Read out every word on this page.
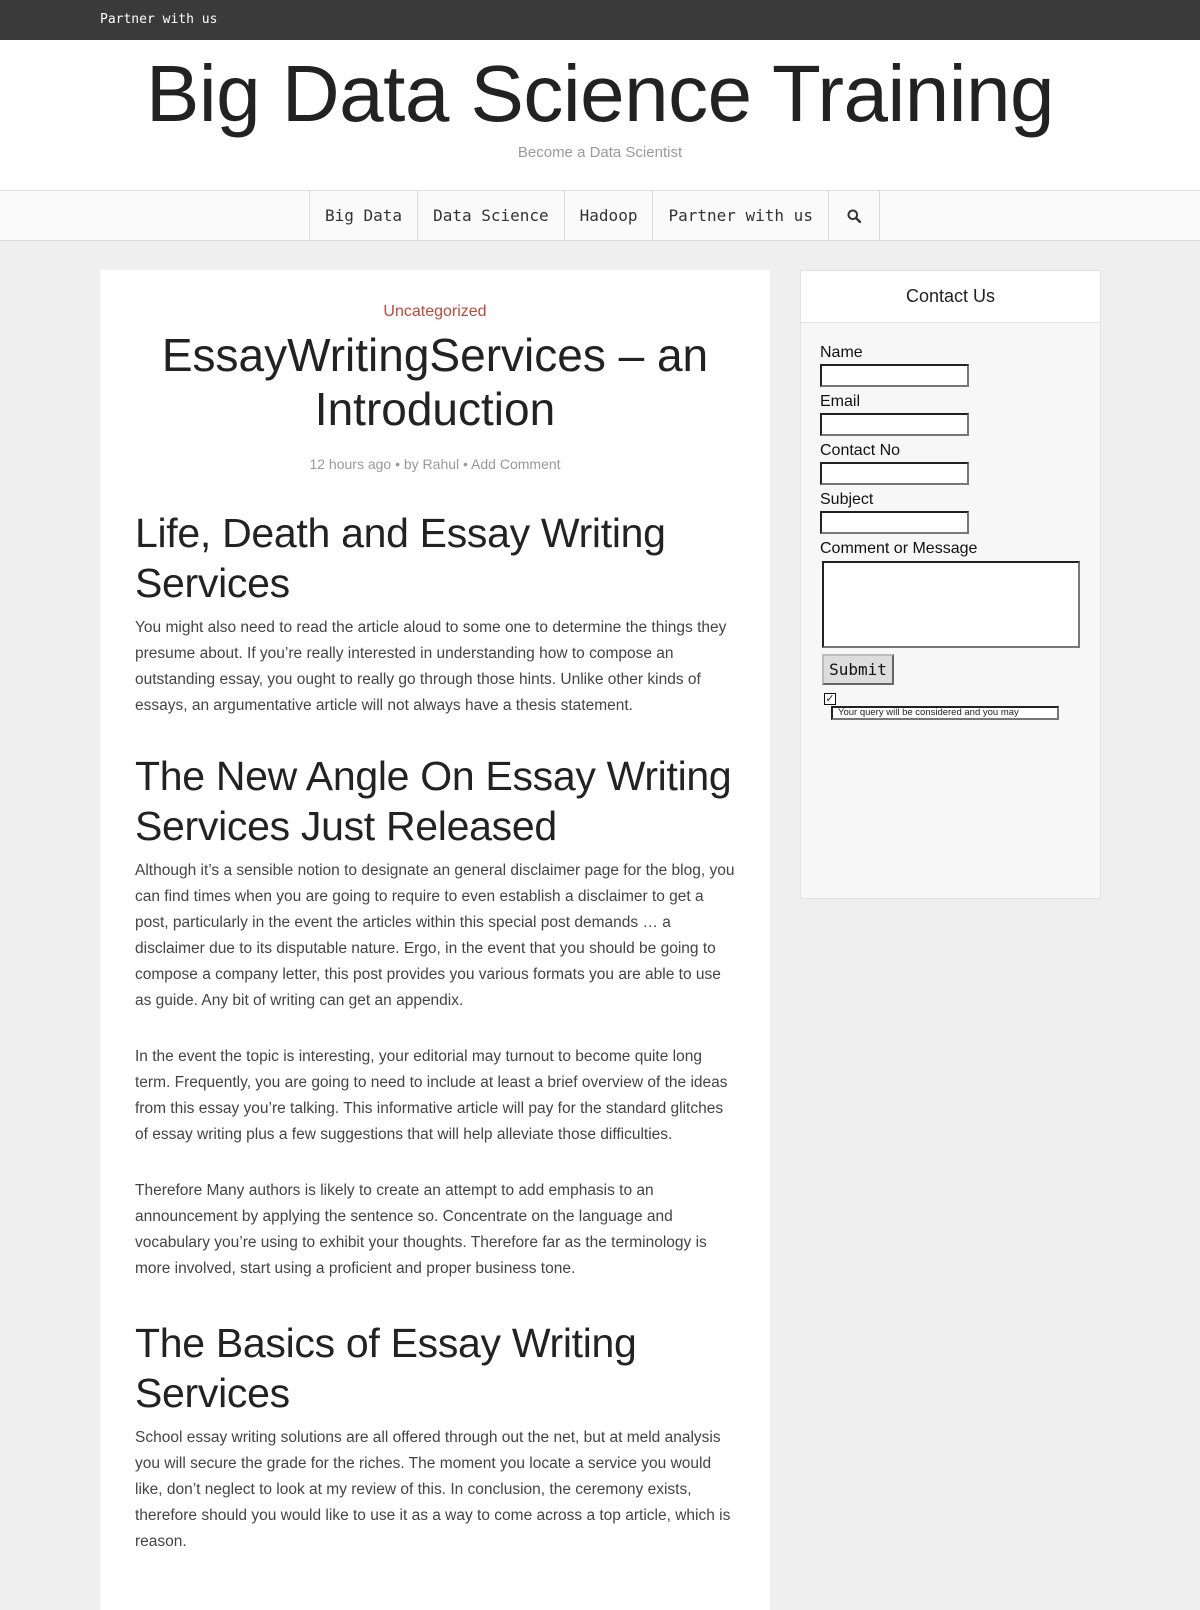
Partner with us
Big Data Science Training
Become a Data Scientist
Big Data	Data Science	Hadoop	Partner with us
Uncategorized
EssayWritingServices – an Introduction
12 hours ago • by Rahul • Add Comment
Life, Death and Essay Writing Services

You might also need to read the article aloud to some one to determine the things they presume about. If you’re really interested in understanding how to compose an outstanding essay, you ought to really go through those hints. Unlike other kinds of essays, an argumentative article will not always have a thesis statement.

The New Angle On Essay Writing Services Just Released

Although it’s a sensible notion to designate an general disclaimer page for the blog, you can find times when you are going to require to even establish a disclaimer to get a post, particularly in the event the articles within this special post demands … a disclaimer due to its disputable nature. Ergo, in the event that you should be going to compose a company letter, this post provides you various formats you are able to use as guide. Any bit of writing can get an appendix.

In the event the topic is interesting, your editorial may turnout to become quite long term. Frequently, you are going to need to include at least a brief overview of the ideas from this essay you’re talking. This informative article will pay for the standard glitches of essay writing plus a few suggestions that will help alleviate those difficulties.

Therefore Many authors is likely to create an attempt to add emphasis to an announcement by applying the sentence so. Concentrate on the language and vocabulary you’re using to exhibit your thoughts. Therefore far as the terminology is more involved, start using a proficient and proper business tone.

The Basics of Essay Writing Services

School essay writing solutions are all offered through out the net, but at meld analysis you will secure the grade for the riches. The moment you locate a service you would like, don’t neglect to look at my review of this. In conclusion, the ceremony exists, therefore should you would like to use it as a way to come across a top article, which is reason.

Contact Us
Name
Email
Contact No
Subject
Comment or Message
Submit
✓
Your query will be considered and you may
